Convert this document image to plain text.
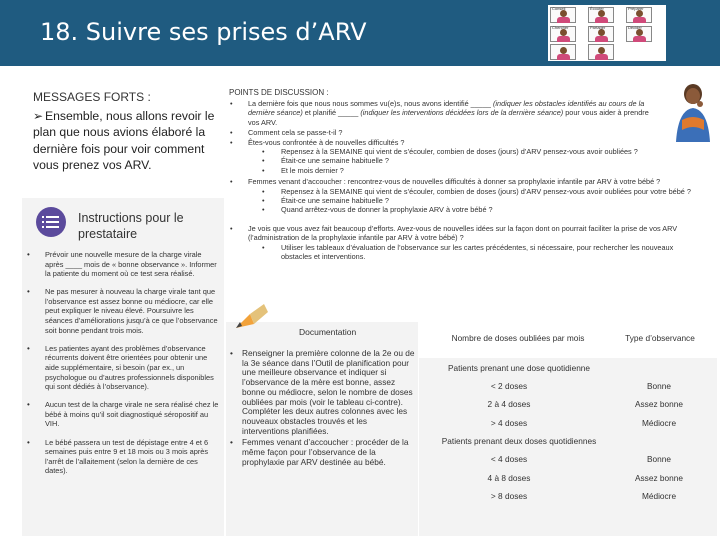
18. Suivre ses prises d’ARV
Conseil	Écouter	Préparer
Chercher	Partager	Décider
MESSAGES FORTS :
➢ Ensemble, nous allons revoir le plan que nous avions élaboré la dernière fois pour voir comment vous prenez vos ARV.
Instructions pour le prestataire
• Prévoir une nouvelle mesure de la charge virale après ____ mois de « bonne observance ». Informer la patiente du moment où ce test sera réalisé.
• Ne pas mesurer à nouveau la charge virale tant que l’observance est assez bonne ou médiocre, car elle peut expliquer le niveau élevé. Poursuivre les séances d’améliorations jusqu’à ce que l’observance soit bonne pendant trois mois.
• Les patientes ayant des problèmes d’observance récurrents doivent être orientées pour obtenir une aide supplémentaire, si besoin (par ex., un psychologue ou d’autres professionnels disponibles qui sont dédiés à l’observance).
• Aucun test de la charge virale ne sera réalisé chez le bébé à moins qu’il soit diagnostiqué séropositif au VIH.
• Le bébé passera un test de dépistage entre 4 et 6 semaines puis entre 9 et 18 mois ou 3 mois après l’arrêt de l’allaitement (selon la dernière de ces dates).
POINTS DE DISCUSSION :
• La dernière fois que nous nous sommes vu(e)s, nous avons identifié _____ (indiquer les obstacles identifiés au cours de la dernière séance) et planifié _____ (indiquer les interventions décidées lors de la dernière séance) pour vous aider à prendre vos ARV.
• Comment cela se passe-t-il ?
• Êtes-vous confrontée à de nouvelles difficultés ?
• Repensez à la SEMAINE qui vient de s’écouler, combien de doses (jours) d’ARV pensez-vous avoir oubliées ?
• Était-ce une semaine habituelle ?
• Et le mois dernier ?
• Femmes venant d’accoucher : rencontrez-vous de nouvelles difficultés à donner sa prophylaxie infantile par ARV à votre bébé ?
• Repensez à la SEMAINE qui vient de s’écouler, combien de doses (jours) d’ARV pensez-vous avoir oubliées pour votre bébé ?
• Était-ce une semaine habituelle ?
• Quand arrêtez-vous de donner la prophylaxie ARV à votre bébé ?
• Je vois que vous avez fait beaucoup d’efforts. Avez-vous de nouvelles idées sur la façon dont on pourrait faciliter la prise de vos ARV (l’administration de la prophylaxie infantile par ARV à votre bébé) ?
• Utiliser les tableaux d’évaluation de l’observance sur les cartes précédentes, si nécessaire, pour rechercher les nouveaux obstacles et interventions.
Documentation
• Renseigner la première colonne de la 2e ou de la 3e séance dans l’Outil de planification pour une meilleure observance et indiquer si l’observance de la mère est bonne, assez bonne ou médiocre, selon le nombre de doses oubliées par mois (voir le tableau ci-contre). Compléter les deux autres colonnes avec les nouveaux obstacles trouvés et les interventions planifiées.
• Femmes venant d’accoucher : procéder de la même façon pour l’observance de la prophylaxie par ARV destinée au bébé.
Nombre de doses oubliées par mois	Type d’observance
Patients prenant une dose quotidienne
< 2 doses	Bonne
2 à 4 doses	Assez bonne
> 4 doses	Médiocre
Patients prenant deux doses quotidiennes
< 4 doses	Bonne
4 à 8 doses	Assez bonne
> 8 doses	Médiocre
